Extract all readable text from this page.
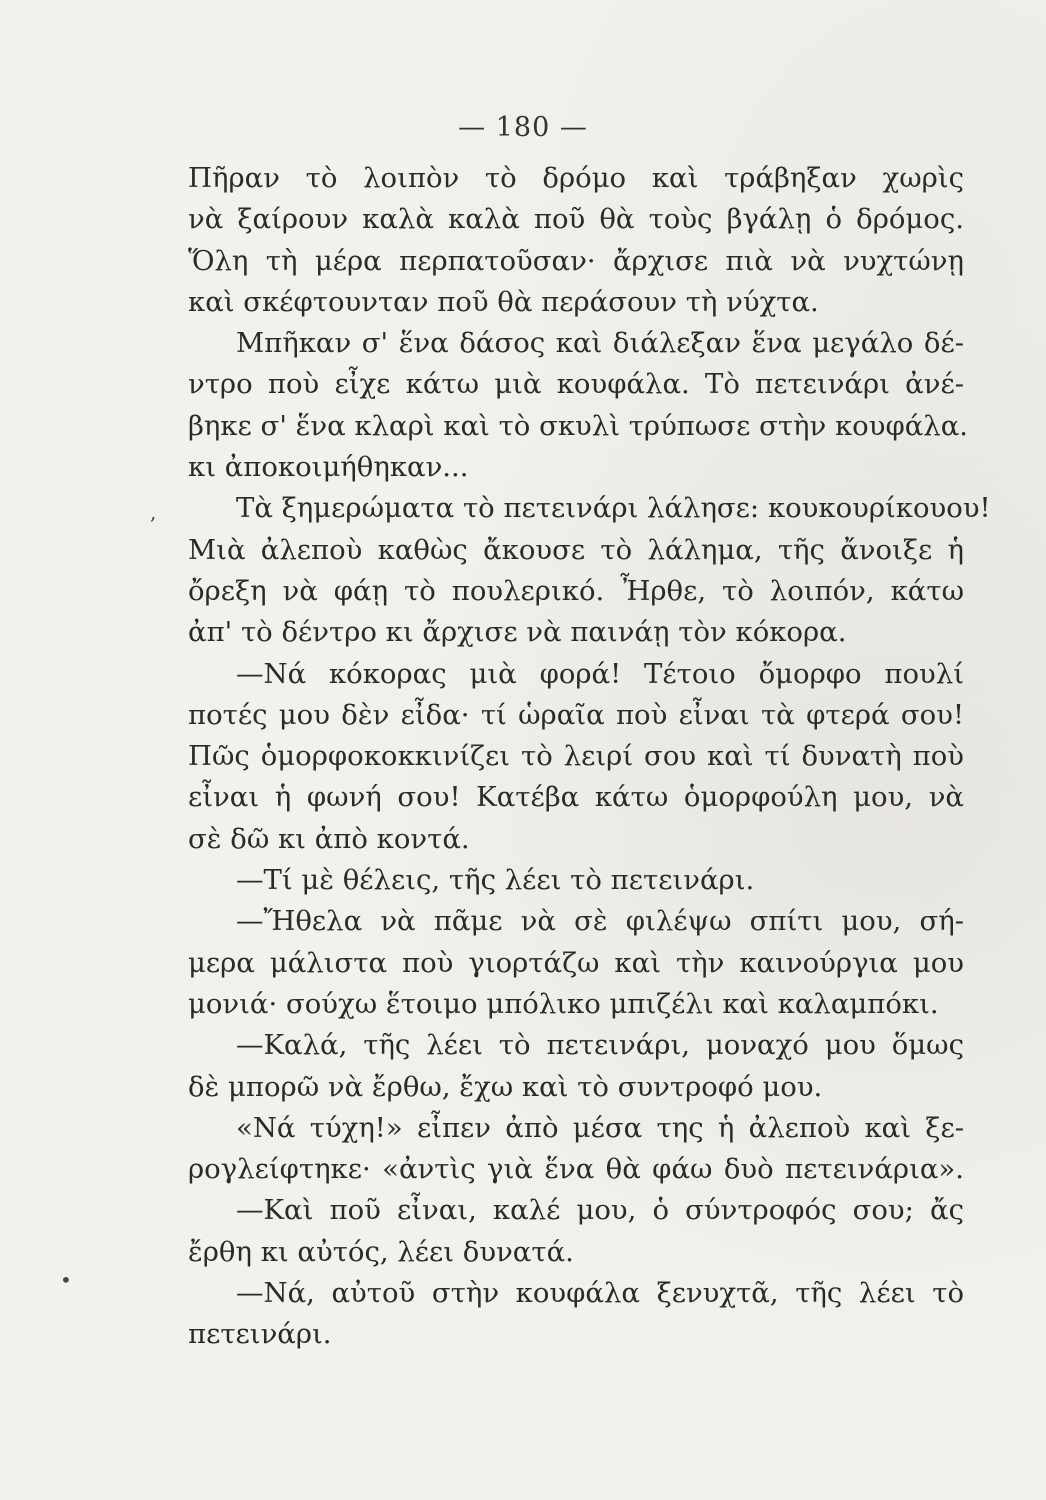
— 180 —
Πῆραν τὸ λοιπὸν τὸ δρόμο καὶ τράβηξαν χωρὶς
νὰ ξαίρουν καλὰ καλὰ ποῦ θὰ τοὺς βγάλῃ ὁ δρόμος.
Ὅλη τὴ μέρα περπατοῦσαν· ἄρχισε πιὰ νὰ νυχτώνῃ
καὶ σκέφτουνταν ποῦ θὰ περάσουν τὴ νύχτα.
Μπῆκαν σ' ἕνα δάσος καὶ διάλεξαν ἕνα μεγάλο δέ-
ντρο ποὺ εἶχε κάτω μιὰ κουφάλα. Τὸ πετεινάρι ἀνέ-
βηκε σ' ἕνα κλαρὶ καὶ τὸ σκυλὶ τρύπωσε στὴν κουφάλα.
κι ἀποκοιμήθηκαν...
Τὰ ξημερώματα τὸ πετεινάρι λάλησε: κουκουρίκουου!
Μιὰ ἀλεποὺ καθὼς ἄκουσε τὸ λάλημα, τῆς ἄνοιξε ἡ
ὄρεξη νὰ φάῃ τὸ πουλερικό. Ἦρθε, τὸ λοιπόν, κάτω
ἀπ' τὸ δέντρο κι ἄρχισε νὰ παινάῃ τὸν κόκορα.
—Νά κόκορας μιὰ φορά! Τέτοιο ὄμορφο πουλί
ποτές μου δὲν εἶδα· τί ὡραῖα ποὺ εἶναι τὰ φτερά σου!
Πῶς ὁμορφοκοκκινίζει τὸ λειρί σου καὶ τί δυνατὴ ποὺ
εἶναι ἡ φωνή σου! Κατέβα κάτω ὁμορφούλη μου, νὰ
σὲ δῶ κι ἀπὸ κοντά.
—Τί μὲ θέλεις, τῆς λέει τὸ πετεινάρι.
—Ἤθελα νὰ πᾶμε νὰ σὲ φιλέψω σπίτι μου, σή-
μερα μάλιστα ποὺ γιορτάζω καὶ τὴν καινούργια μου
μονιά· σούχω ἕτοιμο μπόλικο μπιζέλι καὶ καλαμπόκι.
—Καλά, τῆς λέει τὸ πετεινάρι, μοναχό μου ὅμως
δὲ μπορῶ νὰ ἔρθω, ἔχω καὶ τὸ συντροφό μου.
«Νά τύχη!» εἶπεν ἀπὸ μέσα της ἡ ἀλεποὺ καὶ ξε-
ρογλείφτηκε· «ἀντὶς γιὰ ἕνα θὰ φάω δυὸ πετεινάρια».
—Καὶ ποῦ εἶναι, καλέ μου, ὁ σύντροφός σου; ἄς
ἔρθη κι αὐτός, λέει δυνατά.
—Νά, αὐτοῦ στὴν κουφάλα ξενυχτᾶ, τῆς λέει τὸ
πετεινάρι.
,
•
